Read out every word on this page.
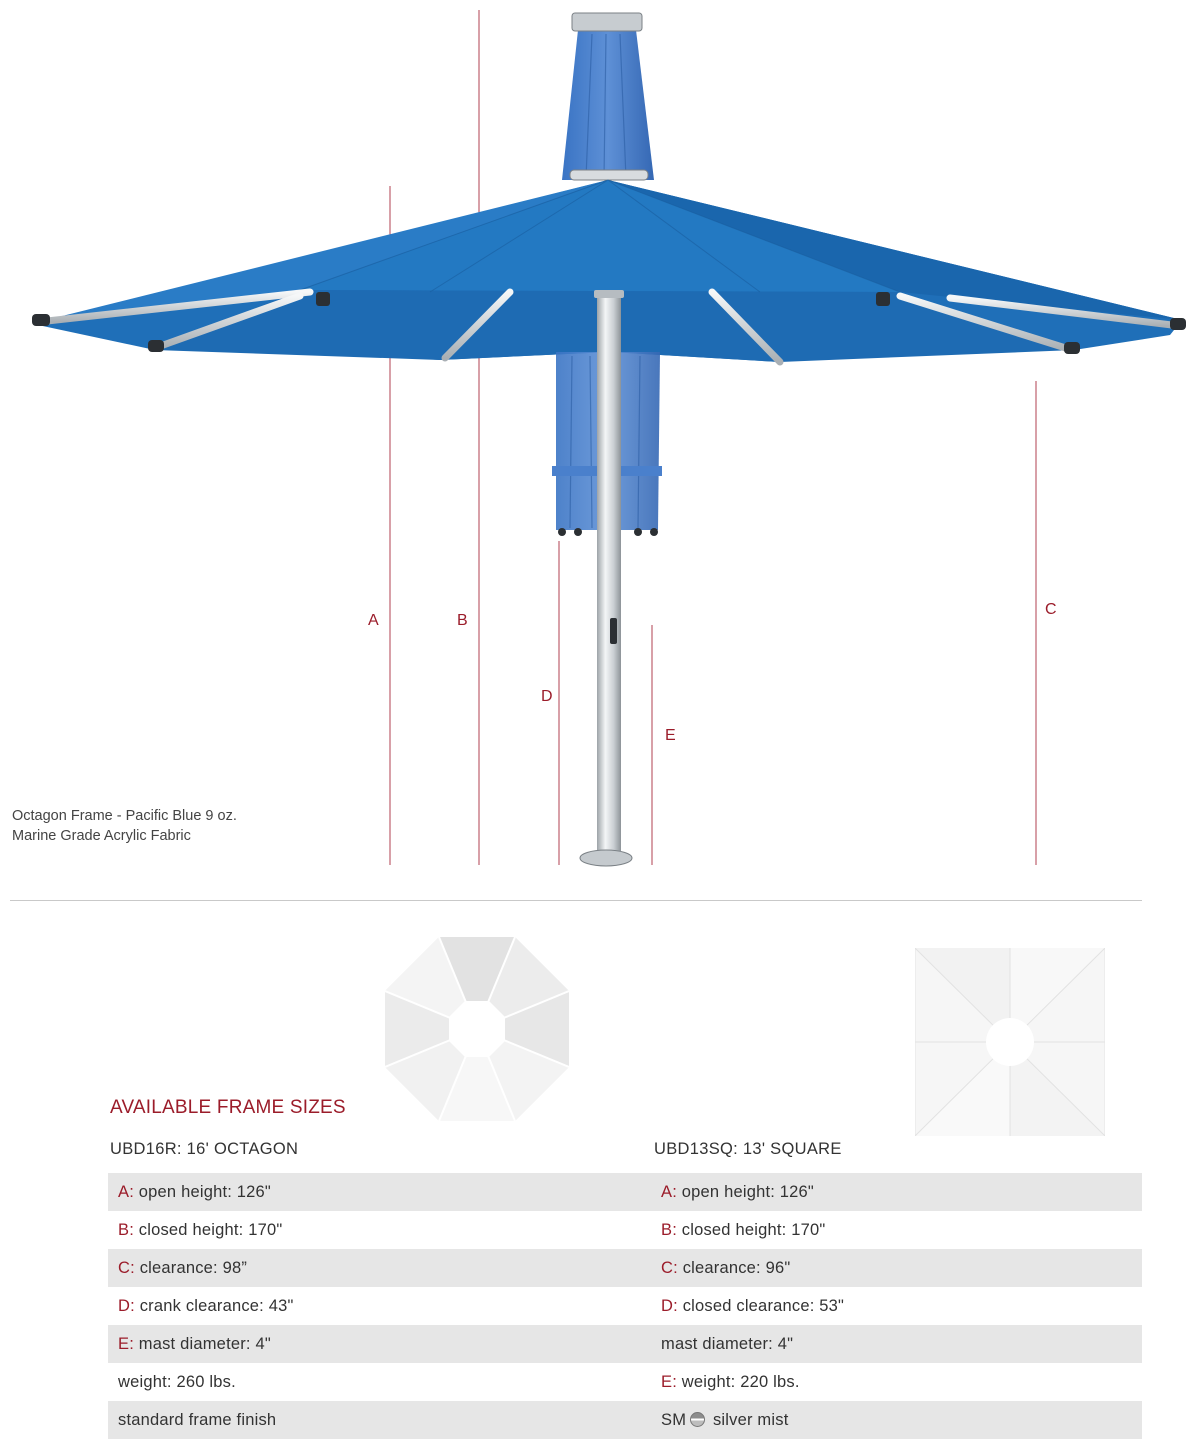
A	B
C
D
E
Octagon Frame - Pacific Blue 9 oz.
Marine Grade Acrylic Fabric
AVAILABLE FRAME SIZES
UBD16R: 16' OCTAGON	UBD13SQ: 13' SQUARE
A: open height: 126"	A: open height: 126"
B: closed height: 170"	B: closed height: 170"
C: clearance: 98”	C: clearance: 96"
D: crank clearance: 43"	D: closed clearance: 53"
E: mast diameter: 4"	mast diameter: 4"
weight: 260 lbs.	E: weight: 220 lbs.
standard frame finish	SM silver mist
